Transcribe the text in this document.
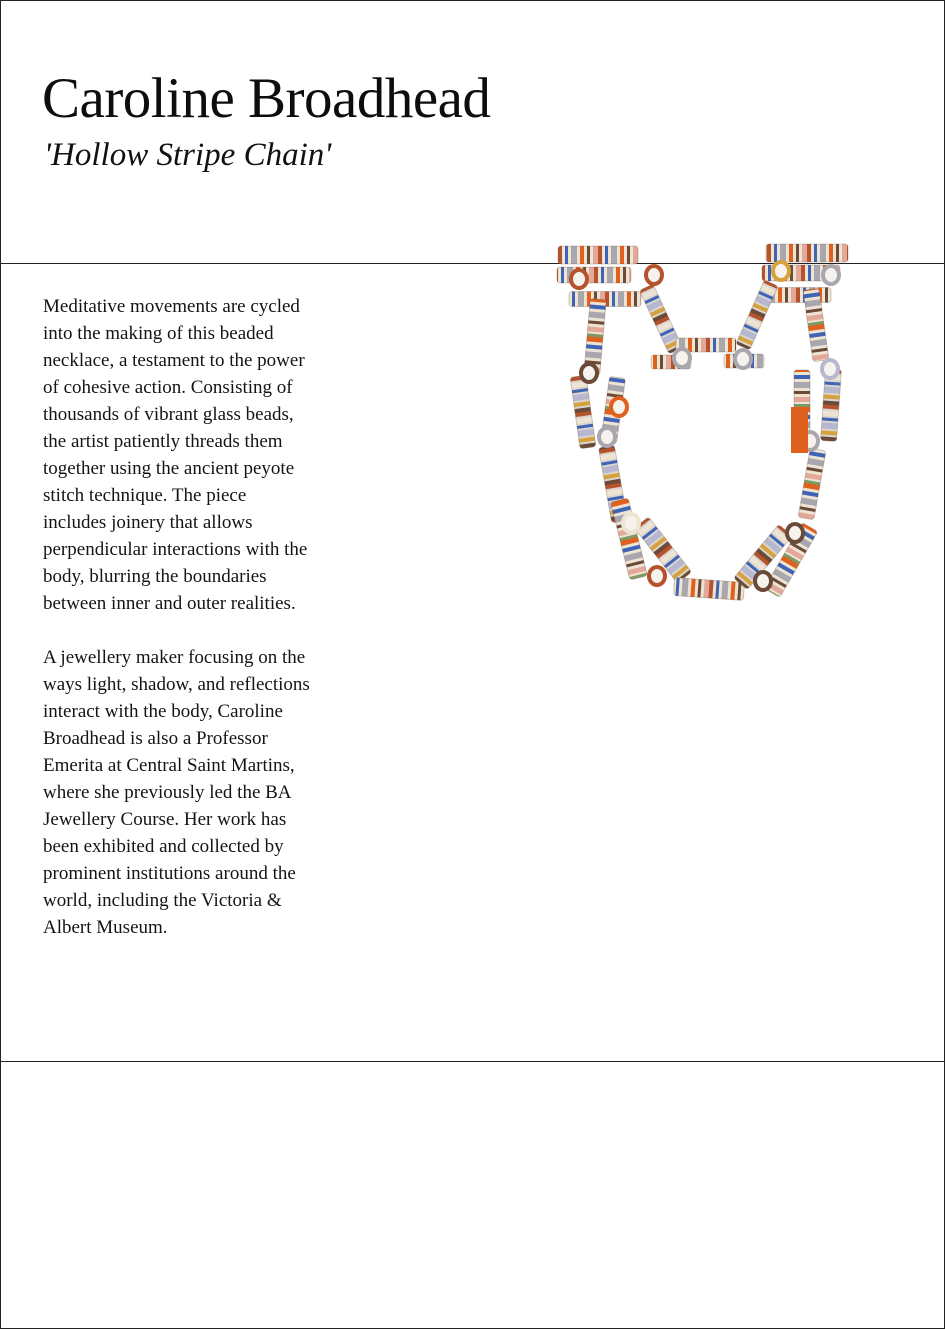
Caroline Broadhead
'Hollow Stripe Chain'

Meditative movements are cycled into the making of this beaded necklace, a testament to the power of cohesive action. Consisting of thousands of vibrant glass beads, the artist patiently threads them together using the ancient peyote stitch technique. The piece includes joinery that allows perpendicular interactions with the body, blurring the boundaries between inner and outer realities.

A jewellery maker focusing on the ways light, shadow, and reflections interact with the body, Caroline Broadhead is also a Professor Emerita at Central Saint Martins, where she previously led the BA Jewellery Course. Her work has been exhibited and collected by prominent institutions around the world, including the Victoria & Albert Museum.
